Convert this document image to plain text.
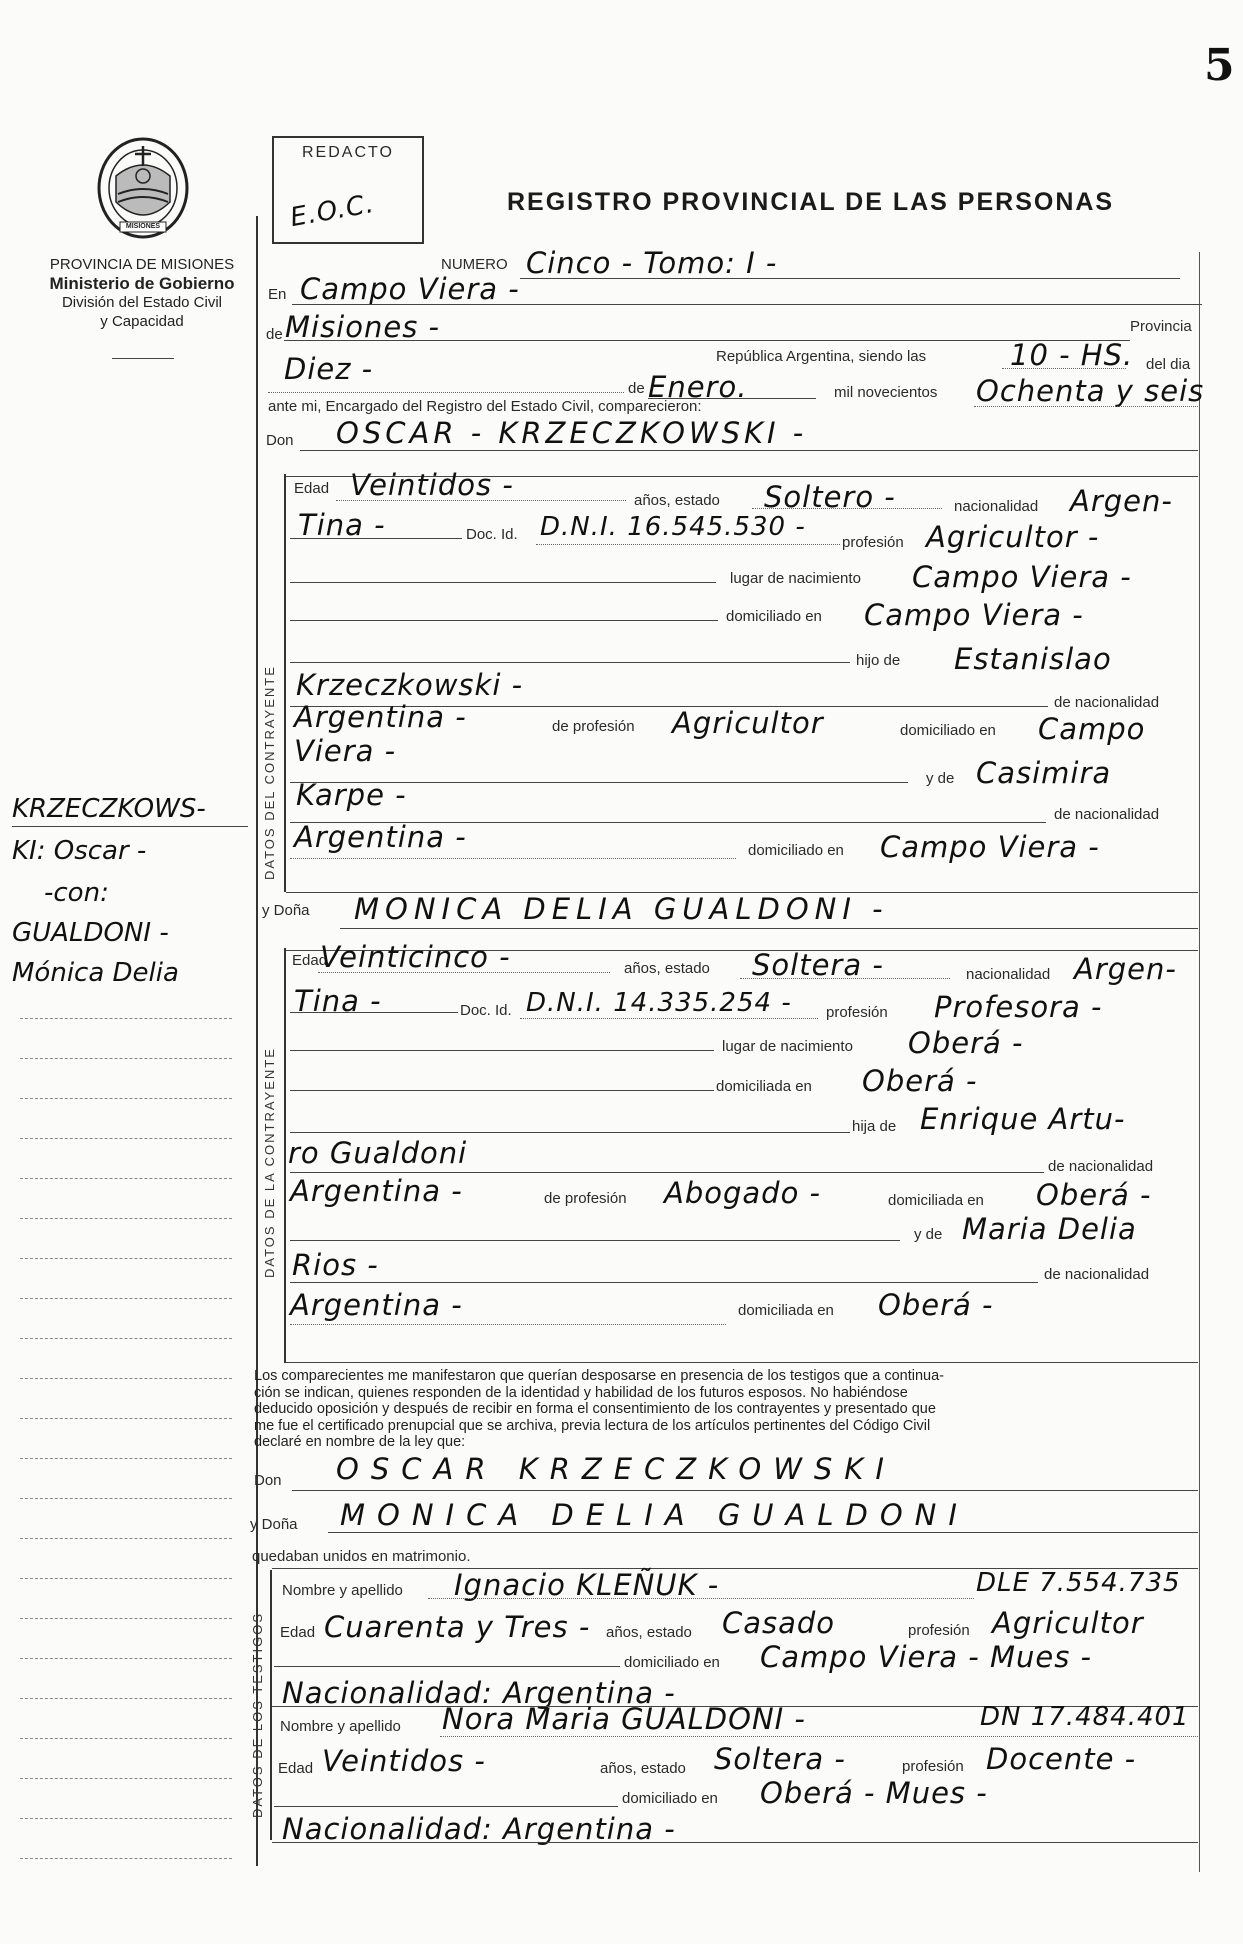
5
MISIONES
PROVINCIA DE MISIONES
Ministerio de Gobierno
División del Estado Civil
y Capacidad
REDACTO
E.O.C.	REGISTRO PROVINCIAL DE LAS PERSONAS
KRZECZKOWS-
KI: Oscar -
-con:
GUALDONI -
Mónica Delia
NUMERO Cinco - Tomo: I -
En Campo Viera -
de Misiones -	Provincia
República Argentina, siendo las	10 - HS. del dia
Diez -
de Enero.	mil novecientos Ochenta y seis
ante mi, Encargado del Registro del Estado Civil, comparecieron:
Don OSCAR - KRZECZKOWSKI -
DATOS DEL CONTRAYENTE
Edad Veintidos -	años, estado Soltero -	nacionalidad Argen-
Tina -	Doc. Id. D.N.I. 16.545.530 -
profesión Agricultor -
lugar de nacimiento Campo Viera -
domiciliado en Campo Viera -
hijo de Estanislao
Krzeczkowski -
de nacionalidad
Argentina -	de profesión Agricultor	domiciliado en Campo
Viera -
y de Casimira
Karpe -
de nacionalidad
Argentina -	domiciliado en Campo Viera -
y Doña MONICA DELIA GUALDONI -
DATOS DE LA CONTRAYENTE
Edad
Veinticinco -	años, estado Soltera -	nacionalidad Argen-
Tina -	Doc. Id. D.N.I. 14.335.254 - profesión Profesora -
lugar de nacimiento Oberá -
domiciliada en Oberá -
hija de Enrique Artu-
ro Gualdoni	de nacionalidad
Argentina -	de profesión Abogado -	domiciliada en Oberá -
y de Maria Delia
Rios -	de nacionalidad
Argentina -	domiciliada en Oberá -
Los comparecientes me manifestaron que querían desposarse en presencia de los testigos que a continua-
ción se indican, quienes responden de la identidad y habilidad de los futuros esposos. No habiéndose
deducido oposición y después de recibir en forma el consentimiento de los contrayentes y presentado que
me fue el certificado prenupcial que se archiva, previa lectura de los artículos pertinentes del Código Civil
declaré en nombre de la ley que:
Don OSCAR KRZECZKOWSKI
y Doña MONICA DELIA GUALDONI
quedaban unidos en matrimonio.
DATOS DE LOS TESTIGOS
Nombre y apellido Ignacio KLEÑUK -	DLE 7.554.735
Edad Cuarenta y Tres - años, estado Casado	profesión Agricultor
domiciliado en Campo Viera - Mues -
Nacionalidad: Argentina -
Nombre y apellido Nora Maria GUALDONI -	DN 17.484.401
Edad Veintidos -	años, estado Soltera -	profesión Docente -
domiciliado en Oberá - Mues -
Nacionalidad: Argentina -
